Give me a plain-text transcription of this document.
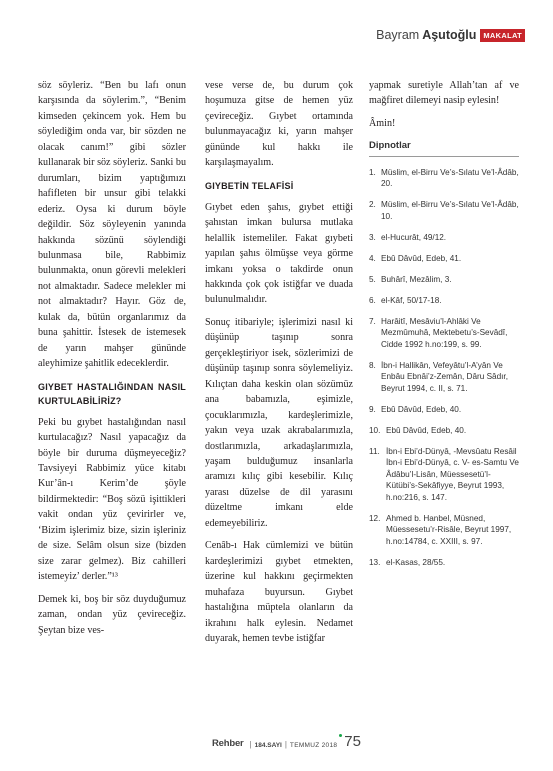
Bayram Aşutoğlu MAKALAT

söz söyleriz. “Ben bu lafı onun karşısında da söylerim.”, “Benim kimseden çekincem yok. Hem bu söylediğim onda var, bir sözden ne olacak canım!” gibi sözler kullanarak bir söz söyleriz. Sanki bu durumları, bizim yaptığımızı hafifleten bir unsur gibi telakki ederiz. Oysa ki durum böyle değildir. Söz söyleyenin yanında hakkında sözünü söylendiği bulunmasa bile, Rabbimiz bulunmakta, onun görevli melekleri not almaktadır. Sadece melekler mi not almaktadır? Hayır. Göz de, kulak da, bütün organlarımız da buna şahittir. İstesek de istemesek de yarın mahşer gününde aleyhimize şahitlik edeceklerdir.

GIYBET HASTALIĞINDAN NASIL KURTULABİLİRİZ?

Peki bu gıybet hastalığından nasıl kurtulacağız? Nasıl yapacağız da böyle bir duruma düşmeyeceğiz? Tavsiyeyi Rabbimiz yüce kitabı Kur’ân-ı Kerim’de şöyle bildirmektedir: “Boş sözü işittikleri vakit ondan yüz çevirirler ve, ‘Bizim işlerimiz bize, sizin işleriniz de size. Selâm olsun size (bizden size zarar gelmez). Biz cahilleri istemeyiz’ derler.”¹³

Demek ki, boş bir söz duyduğumuz zaman, ondan yüz çevireceğiz. Şeytan bize ves-

vese verse de, bu durum çok hoşumuza gitse de hemen yüz çevireceğiz. Gıybet ortamında bulunmayacağız ki, yarın mahşer gününde kul hakkı ile karşılaşmayalım.

GIYBETİN TELAFİSİ

Gıybet eden şahıs, gıybet ettiği şahıstan imkan bulursa mutlaka helallik istemeliler. Fakat gıybeti yapılan şahıs ölmüşse veya görme imkanı yoksa o takdirde onun hakkında çok çok istiğfar ve duada bulunulmalıdır.

Sonuç itibariyle; işlerimizi nasıl ki düşünüp taşınıp sonra gerçekleştiriyor isek, sözlerimizi de düşünüp taşınıp sonra söylemeliyiz. Kılıçtan daha keskin olan sözümüz ana babamızla, eşimizle, çocuklarımızla, kardeşlerimizle, yakın veya uzak akrabalarımızla, dostlarımızla, arkadaşlarımızla, yaşam bulduğumuz insanlarla aramızı kılıç gibi kesebilir. Kılıç yarası düzelse de dil yarasını düzeltme imkanı elde edemeyebiliriz.

Cenâb-ı Hak cümlemizi ve bütün kardeşlerimizi gıybet etmekten, üzerine kul hakkını geçirmekten muhafaza buyursun. Gıybet hastalığına müptela olanların da ikrahını halk eylesin. Nedamet duyarak, hemen tevbe istiğfar

yapmak suretiyle Allah’tan af ve mağfiret dilemeyi nasip eylesin!

Âmin!

Dipnotlar
1. Müslim, el-Birru Ve’s-Sılatu Ve’l-Âdâb, 20.
2. Müslim, el-Birru Ve’s-Sılatu Ve’l-Âdâb, 10.
3. el-Hucurât, 49/12.
4. Ebû Dâvûd, Edeb, 41.
5. Buhârî, Mezâlim, 3.
6. el-Kâf, 50/17-18.
7. Harâitî, Mesâviu’l-Ahlâki Ve Mezmûmuhâ, Mektebetu’s-Sevâdî, Cidde 1992 h.no:199, s. 99.
8. İbn-i Hallikân, Vefeyâtu’l-A’yân Ve Enbâu Ebnâi’z-Zemân, Dâru Sâdır, Beyrut 1994, c. II, s. 71.
9. Ebû Dâvûd, Edeb, 40.
10. Ebû Dâvûd, Edeb, 40.
11. İbn-i Ebi’d-Dünyâ, -Mevsûatu Resâil İbn-i Ebi’d-Dünyâ, c. V- es-Samtu Ve Âdâbu’l-Lisân, Müessesetü’l-Kütübi’s-Sekâfiyye, Beyrut 1993, h.no:216, s. 147.
12. Ahmed b. Hanbel, Müsned, Müessesetu’r-Risâle, Beyrut 1997, h.no:14784, c. XXIII, s. 97.
13. el-Kasas, 28/55.
Rehber | 184.SAYI | TEMMUZ 2018 75
